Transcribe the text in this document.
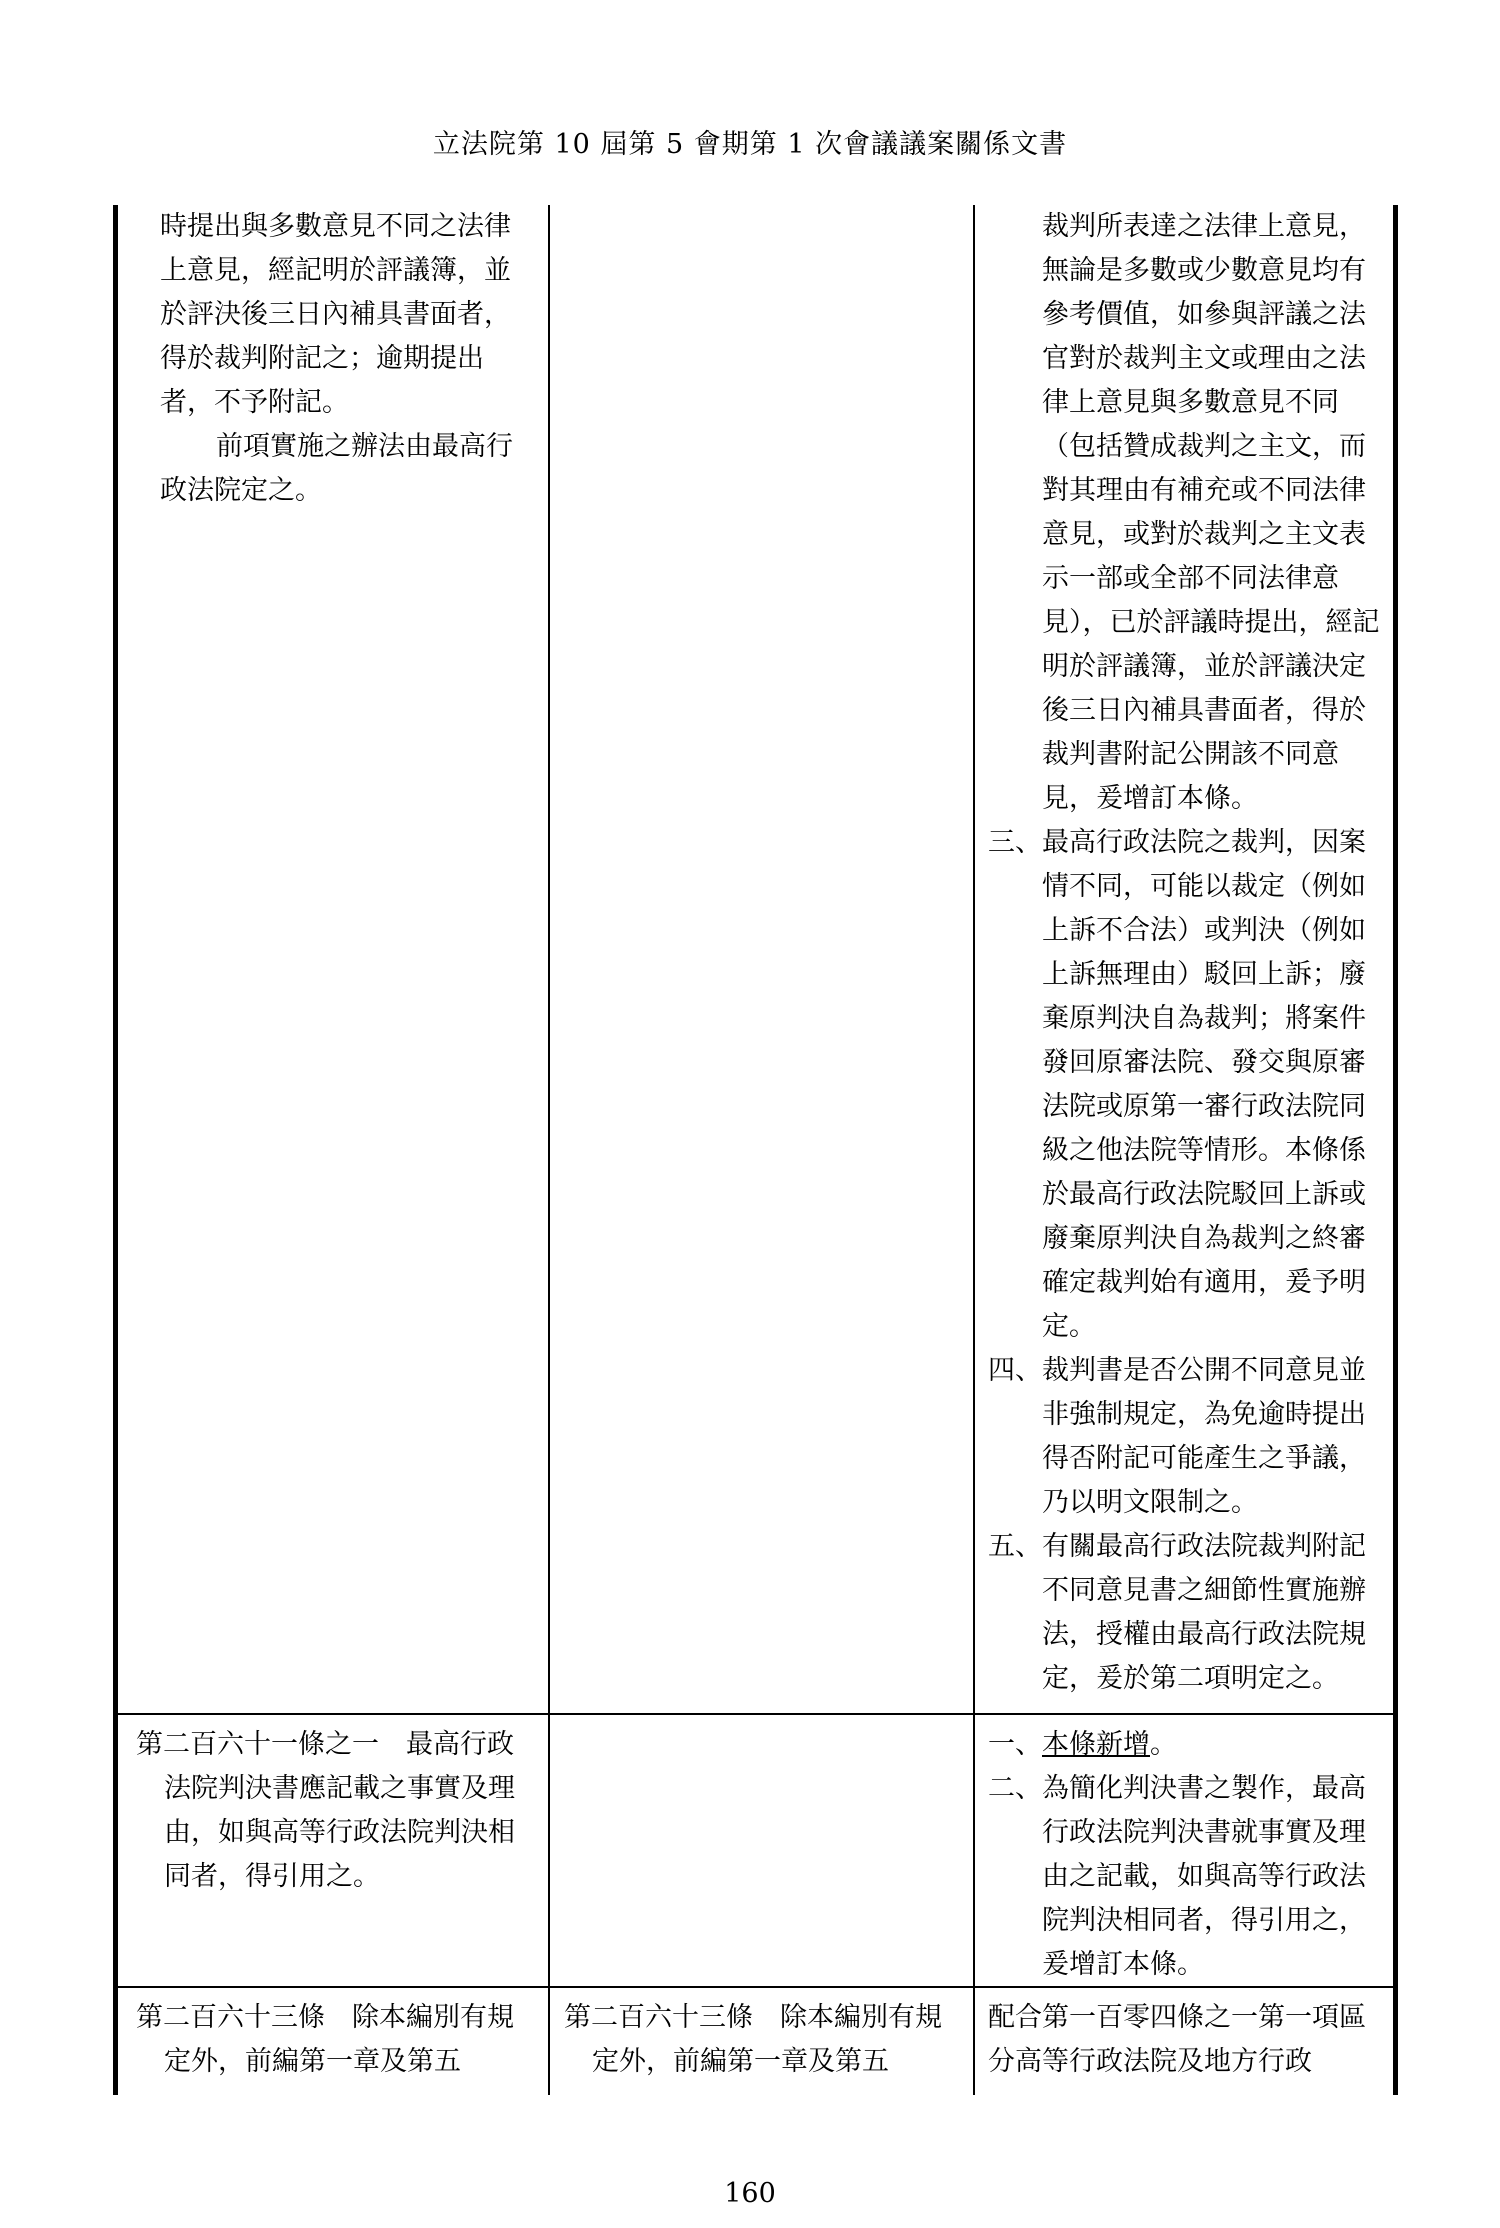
立法院第 10 屆第 5 會期第 1 次會議議案關係文書

時提出與多數意見不同之法律上意見，經記明於評議簿，並於評決後三日內補具書面者，得於裁判附記之；逾期提出者，不予附記。

前項實施之辦法由最高行政法院定之。

裁判所表達之法律上意見，無論是多數或少數意見均有參考價值，如參與評議之法官對於裁判主文或理由之法律上意見與多數意見不同（包括贊成裁判之主文，而對其理由有補充或不同法律意見，或對於裁判之主文表示一部或全部不同法律意見），已於評議時提出，經記明於評議簿，並於評議決定後三日內補具書面者，得於裁判書附記公開該不同意見，爰增訂本條。

三、最高行政法院之裁判，因案情不同，可能以裁定（例如上訴不合法）或判決（例如上訴無理由）駁回上訴；廢棄原判決自為裁判；將案件發回原審法院、發交與原審法院或原第一審行政法院同級之他法院等情形。本條係於最高行政法院駁回上訴或廢棄原判決自為裁判之終審確定裁判始有適用，爰予明定。

四、裁判書是否公開不同意見並非強制規定，為免逾時提出得否附記可能產生之爭議，乃以明文限制之。

五、有關最高行政法院裁判附記不同意見書之細節性實施辦法，授權由最高行政法院規定，爰於第二項明定之。

第二百六十一條之一　最高行政法院判決書應記載之事實及理由，如與高等行政法院判決相同者，得引用之。

一、本條新增。

二、為簡化判決書之製作，最高行政法院判決書就事實及理由之記載，如與高等行政法院判決相同者，得引用之，爰增訂本條。

第二百六十三條　除本編別有規定外，前編第一章及第五

第二百六十三條　除本編別有規定外，前編第一章及第五

配合第一百零四條之一第一項區分高等行政法院及地方行政

160
